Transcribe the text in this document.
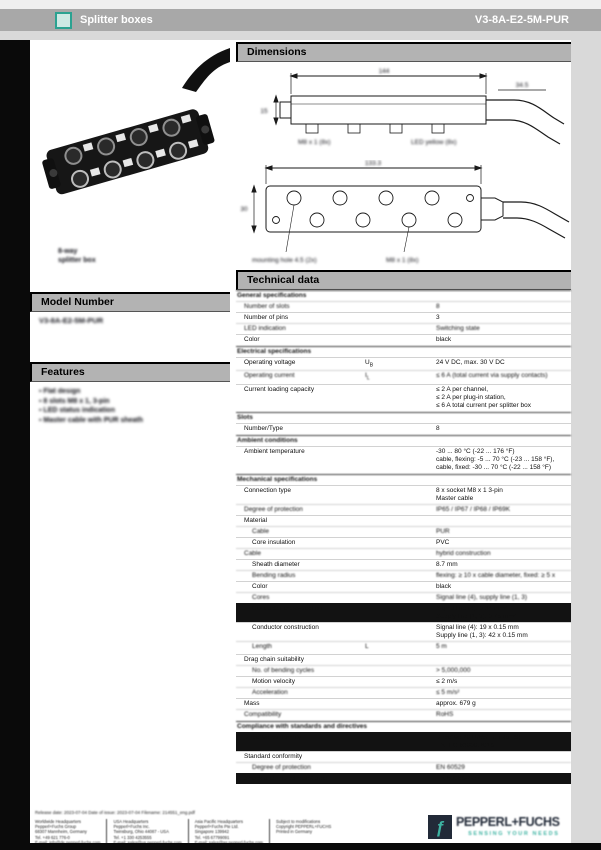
Splitter boxes	V3-8A-E2-5M-PUR
8-way
splitter box
Model Number
V3-8A-E2-5M-PUR
Features
▪ Flat design
▪ 8 slots M8 x 1, 3-pin
▪ LED status indication
▪ Master cable with PUR sheath
Dimensions
144
15
34.5
M8 x 1 (8x)	LED yellow (8x)
133.3
30
mounting hole 4.5 (2x)	M8 x 1 (8x)
Technical data
General specifications
Number of slots	8
Number of pins	3
LED indication	Switching state
Color	black
Electrical specifications
Operating voltage	$U_B$	24 V DC, max. 30 V DC
Operating current	$I_L$	≤ 6 A (total current via supply contacts)
Current loading capacity	≤ 2 A per channel,
≤ 2 A per plug-in station,
≤ 6 A total current per splitter box
Slots
Number/Type	8
Ambient conditions
Ambient temperature	-30 ... 80 °C (-22 ... 176 °F)
cable, flexing: -5 ... 70 °C (-23 ... 158 °F),
cable, fixed: -30 ... 70 °C (-22 ... 158 °F)
Mechanical specifications
Connection type	8 x socket M8 x 1 3-pin
Master cable
Degree of protection	IP65 / IP67 / IP68 / IP69K
Material
Cable	PUR
Core insulation	PVC
Cable	hybrid construction
Sheath diameter	8.7 mm
Bending radius	flexing: ≥ 10 x cable diameter, fixed: ≥ 5 x
Color	black
Cores	Signal line (4), supply line (1, 3)
Conductor cross-section	Signal line (4): 0.34 mm²
Supply line (1, 3): 0.75 mm²
Conductor construction	Signal line (4): 19 x 0.15 mm
Supply line (1, 3): 42 x 0.15 mm
Length	L	5 m
Drag chain suitability
No. of bending cycles	> 5,000,000
Motion velocity	≤ 2 m/s
Acceleration	≤ 5 m/s²
Mass	approx. 679 g
Compatibility	RoHS
Compliance with standards and directives
Directive conformity	Directive 2011/65/EU (RoHS)
EN IEC 63000:2018
Standard conformity
Degree of protection	EN 60529
Shock and impact resistance	EN 60068-2-27
Release date: 2023-07-04 Date of issue: 2023-07-04 Filename: 214551_eng.pdf
Worldwide Headquarters
Pepperl+Fuchs Group
68307 Mannheim, Germany
Tel. +49 621 776-0
USA Headquarters
Pepperl+Fuchs Inc.
Twinsburg, Ohio 44087 - USA
Tel. +1 330 4253555
Asia Pacific Headquarters
Pepperl+Fuchs Pte Ltd.
Singapore 139942
Tel. +65 67799091
Subject to modifications
Copyright PEPPERL+FUCHS
Printed in Germany	ƒ PEPPERL+FUCHS
SENSING YOUR NEEDS
